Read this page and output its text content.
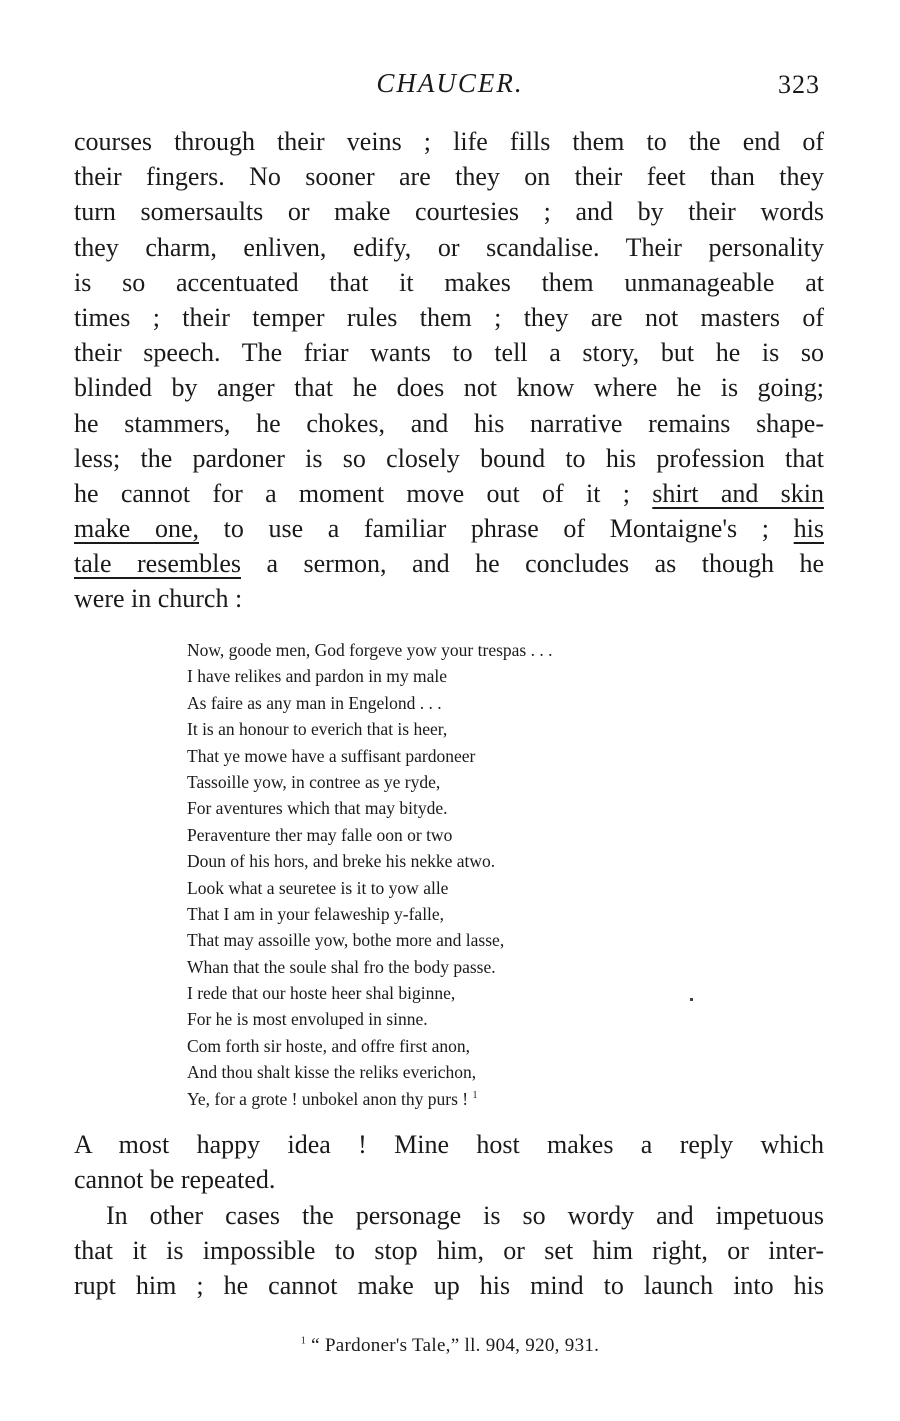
CHAUCER.	323
courses through their veins ; life fills them to the end of
their fingers. No sooner are they on their feet than they
turn somersaults or make courtesies ; and by their words
they charm, enliven, edify, or scandalise. Their personality
is so accentuated that it makes them unmanageable at
times ; their temper rules them ; they are not masters of
their speech. The friar wants to tell a story, but he is so
blinded by anger that he does not know where he is going;
he stammers, he chokes, and his narrative remains shape-
less; the pardoner is so closely bound to his profession that
he cannot for a moment move out of it ; shirt and skin
make one, to use a familiar phrase of Montaigne's ; his
tale resembles a sermon, and he concludes as though he
were in church :
Now, goode men, God forgeve yow your trespas . . .
I have relikes and pardon in my male
As faire as any man in Engelond . . .
It is an honour to everich that is heer,
That ye mowe have a suffisant pardoneer
Tassoille yow, in contree as ye ryde,
For aventures which that may bityde.
Peraventure ther may falle oon or two
Doun of his hors, and breke his nekke atwo.
Look what a seuretee is it to yow alle
That I am in your felaweship y-falle,
That may assoille yow, bothe more and lasse,
Whan that the soule shal fro the body passe.
I rede that our hoste heer shal biginne,
For he is most envoluped in sinne.
Com forth sir hoste, and offre first anon,
And thou shalt kisse the reliks everichon,
Ye, for a grote ! unbokel anon thy purs ! $^1$
A most happy idea ! Mine host makes a reply which
cannot be repeated.
In other cases the personage is so wordy and impetuous
that it is impossible to stop him, or set him right, or inter-
rupt him ; he cannot make up his mind to launch into his
$^1$ “ Pardoner's Tale,” ll. 904, 920, 931.
